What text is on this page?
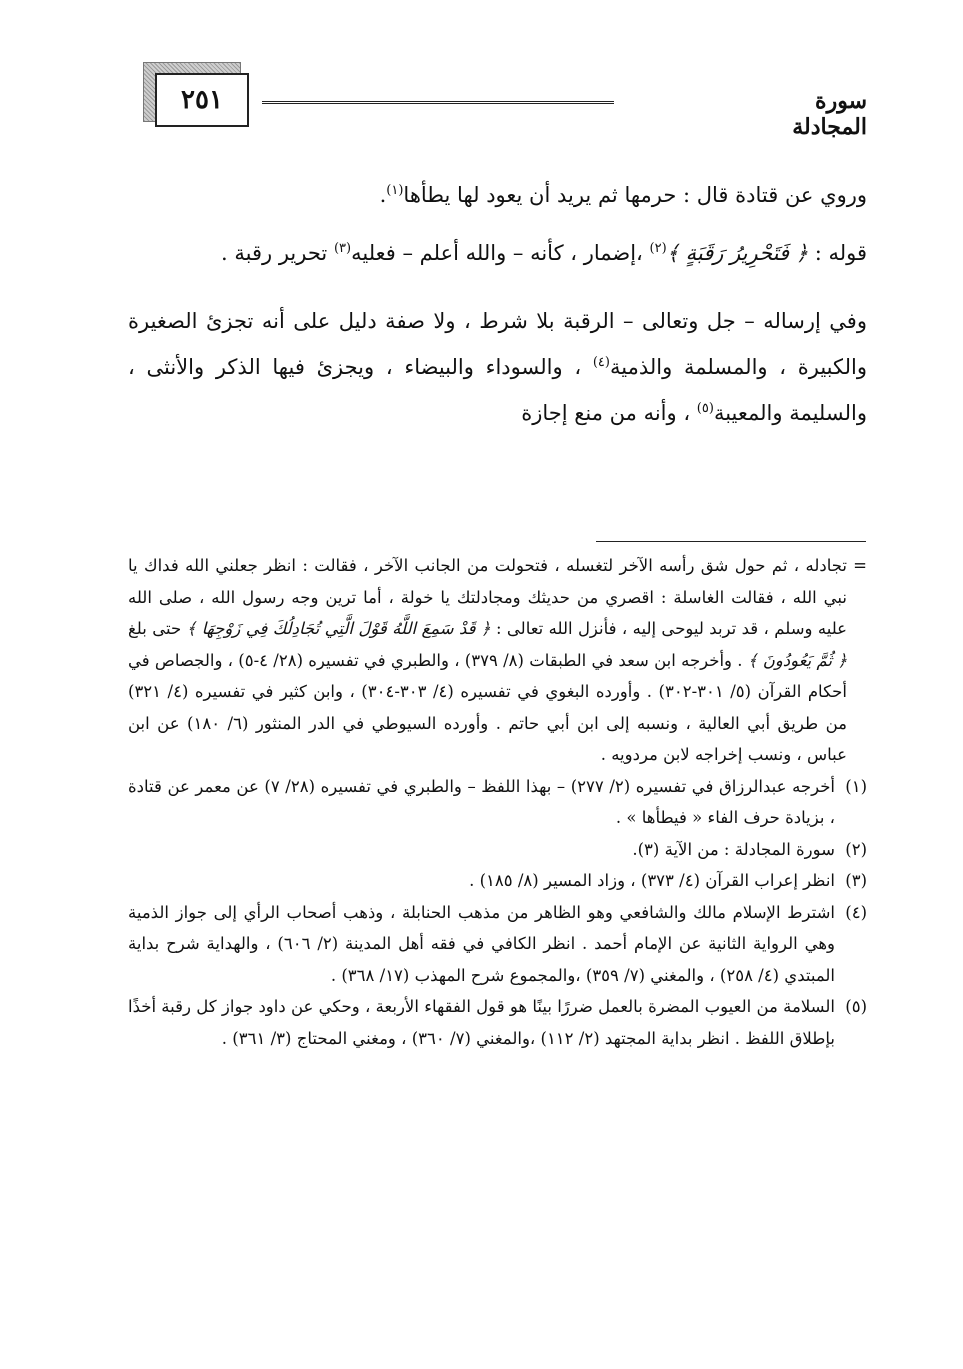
سورة المجادلة
٢٥١

وروي عن قتادة قال : حرمها ثم يريد أن يعود لها يطأها$^{(١)}$.

قوله : ﴿ فَتَحْرِيرُ رَقَبَةٍ ﴾$^{(٢)}$ ،إضمار ، كأنه – والله أعلم – فعليه$^{(٣)}$ تحرير رقبة .

وفي إرساله – جل وتعالى – الرقبة بلا شرط ، ولا صفة دليل على أنه تجزئ الصغيرة والكبيرة ، والمسلمة والذمية$^{(٤)}$ ، والسوداء والبيضاء ، ويجزئ فيها الذكر والأنثى ، والسليمة والمعيبة$^{(٥)}$ ، وأنه من منع إجازة

=
تجادله ، ثم حول شق رأسه الآخر لتغسله ، فتحولت من الجانب الآخر ، فقالت : انظر جعلني الله فداك يا نبي الله ، فقالت الغاسلة : اقصري من حديثك ومجادلتك يا خولة ، أما ترين وجه رسول الله ، صلى الله عليه وسلم ، قد تربد ليوحى إليه ، فأنزل الله تعالى : ﴿ قَدْ سَمِعَ اللَّهُ قَوْلَ الَّتِي تُجَادِلُكَ فِي زَوْجِهَا ﴾ حتى بلغ ﴿ ثُمَّ يَعُودُونَ ﴾ . وأخرجه ابن سعد في الطبقات (٨/ ٣٧٩) ، والطبري في تفسيره (٢٨/ ٤-٥) ، والجصاص في أحكام القرآن (٥/ ٣٠١-٣٠٢) . وأورده البغوي في تفسيره (٤/ ٣٠٣-٣٠٤) ، وابن كثير في تفسيره (٤/ ٣٢١) من طريق أبي العالية ، ونسبه إلى ابن أبي حاتم . وأورده السيوطي في الدر المنثور (٦/ ١٨٠) عن ابن عباس ، ونسب إخراجه لابن مردويه .
(١)
أخرجه عبدالرزاق في تفسيره (٢/ ٢٧٧) – بهذا اللفظ – والطبري في تفسيره (٢٨/ ٧) عن معمر عن قتادة ، بزيادة حرف الفاء « فيطأها » .
(٢)
سورة المجادلة : من الآية (٣).
(٣)
انظر إعراب القرآن (٤/ ٣٧٣) ، وزاد المسير (٨/ ١٨٥) .
(٤)
اشترط الإسلام مالك والشافعي وهو الظاهر من مذهب الحنابلة ، وذهب أصحاب الرأي إلى جواز الذمية وهي الرواية الثانية عن الإمام أحمد . انظر الكافي في فقه أهل المدينة (٢/ ٦٠٦) ، والهداية شرح بداية المبتدي (٤/ ٢٥٨) ، والمغني (٧/ ٣٥٩) ،والمجموع شرح المهذب (١٧/ ٣٦٨) .
(٥)
السلامة من العيوب المضرة بالعمل ضررًا بينًا هو قول الفقهاء الأربعة ، وحكي عن داود جواز كل رقبة أخذًا بإطلاق اللفظ . انظر بداية المجتهد (٢/ ١١٢) ،والمغني (٧/ ٣٦٠) ، ومغني المحتاج (٣/ ٣٦١) .
